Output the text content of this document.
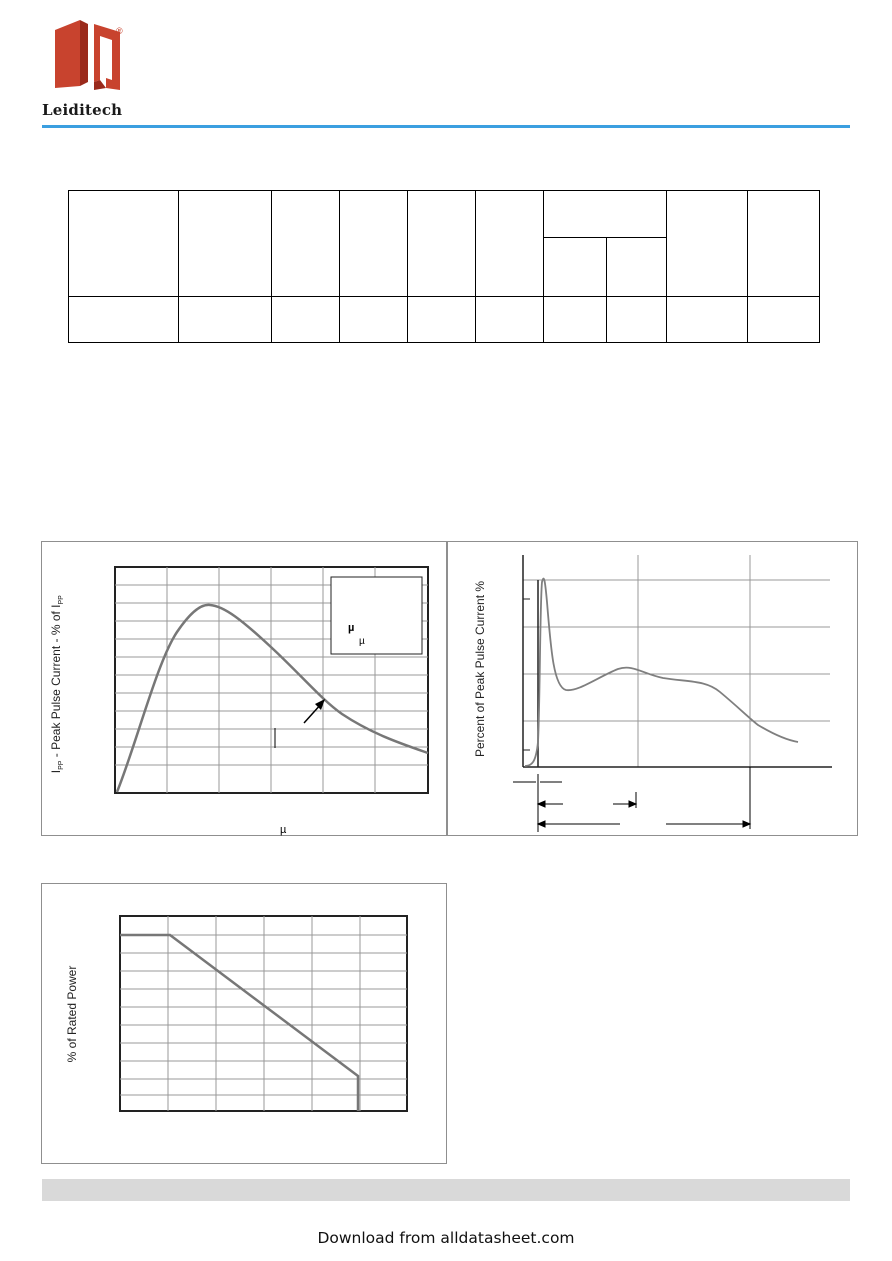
®
Leiditech

µ
µ
µ
$I_{PP}$ - Peak Pulse Current - % of $I_{PP}$	Percent of Peak Pulse Current %
% of Rated Power
Download from alldatasheet.com
